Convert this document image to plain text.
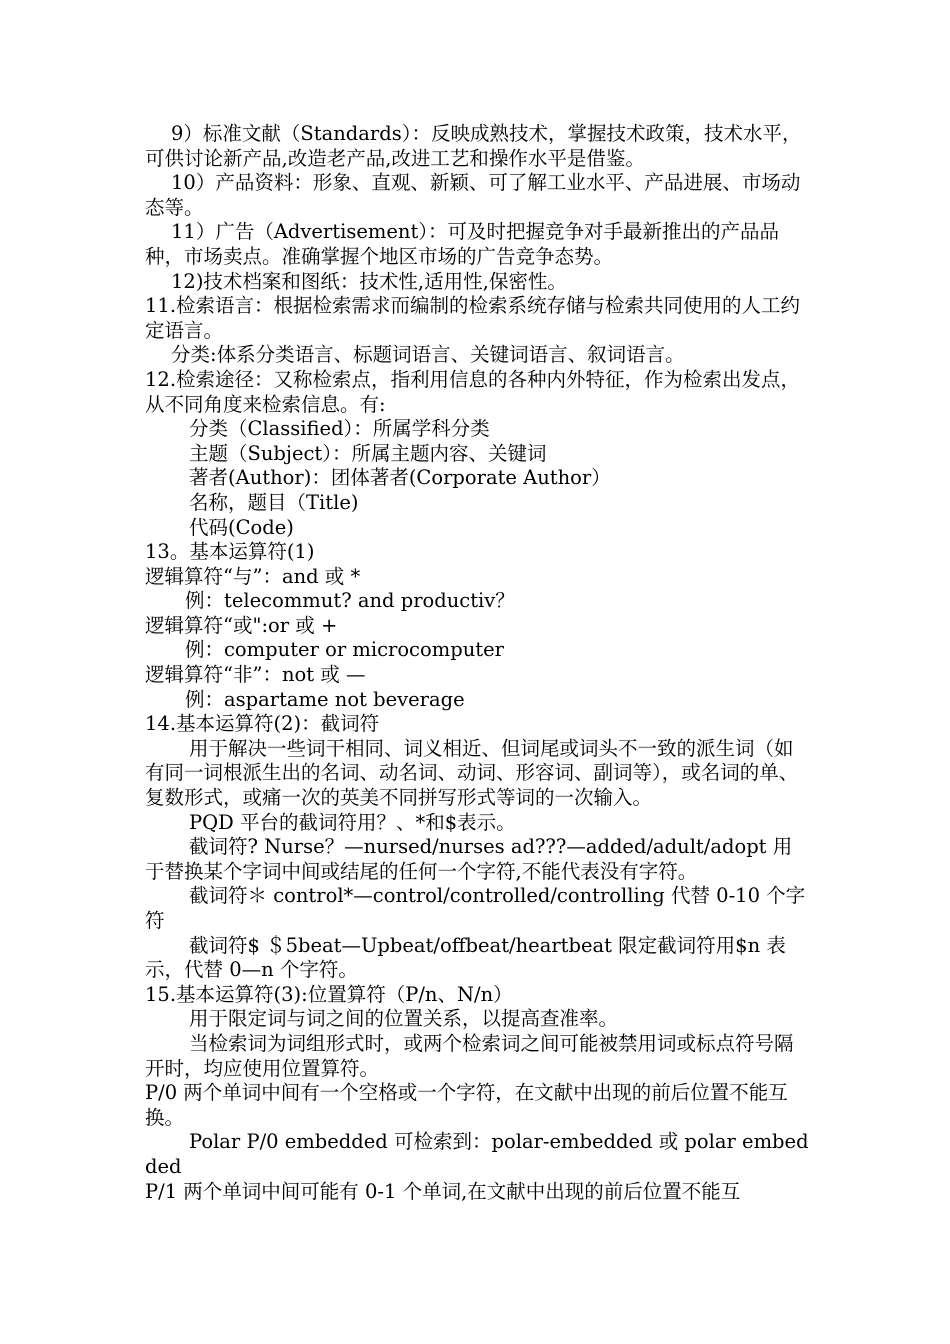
9）标准文献（Standards）：反映成熟技术，掌握技术政策，技术水平，可供讨论新产品,改造老产品,改进工艺和操作水平是借鉴。

10）产品资料：形象、直观、新颖、可了解工业水平、产品进展、市场动态等。

11）广告（Advertisement）：可及时把握竞争对手最新推出的产品品种，市场卖点。准确掌握个地区市场的广告竞争态势。

12)技术档案和图纸：技术性,适用性,保密性。

11.检索语言：根据检索需求而编制的检索系统存储与检索共同使用的人工约定语言。

分类:体系分类语言、标题词语言、关键词语言、叙词语言。

12.检索途径：又称检索点，指利用信息的各种内外特征，作为检索出发点，从不同角度来检索信息。有:

分类（Classified）：所属学科分类

主题（Subject）：所属主题内容、关键词

著者(Author)：团体著者(Corporate Author）

名称，题目（Title)

代码(Code)

13。基本运算符(1)

逻辑算符“与”：and 或 *

例：telecommut? and productiv？

逻辑算符“或":or 或 +

例：computer or microcomputer

逻辑算符“非”：not 或 —

例：aspartame not beverage

14.基本运算符(2)：截词符

用于解决一些词干相同、词义相近、但词尾或词头不一致的派生词（如有同一词根派生出的名词、动名词、动词、形容词、副词等），或名词的单、复数形式，或痛一次的英美不同拼写形式等词的一次输入。

PQD 平台的截词符用？、*和$表示。

截词符? Nurse？—nursed/nurses ad???—added/adult/adopt 用于替换某个字词中间或结尾的任何一个字符,不能代表没有字符。

截词符＊ control*—control/controlled/controlling 代替 0-10 个字符

截词符$ ＄5beat—Upbeat/offbeat/heartbeat 限定截词符用$n 表示，代替 0—n 个字符。

15.基本运算符(3):位置算符（P/n、N/n）

用于限定词与词之间的位置关系，以提高查准率。

当检索词为词组形式时，或两个检索词之间可能被禁用词或标点符号隔开时，均应使用位置算符。

P/0 两个单词中间有一个空格或一个字符，在文献中出现的前后位置不能互换。

Polar P/0 embedded 可检索到：polar-embedded 或 polar embedded

P/1 两个单词中间可能有 0-1 个单词,在文献中出现的前后位置不能互
